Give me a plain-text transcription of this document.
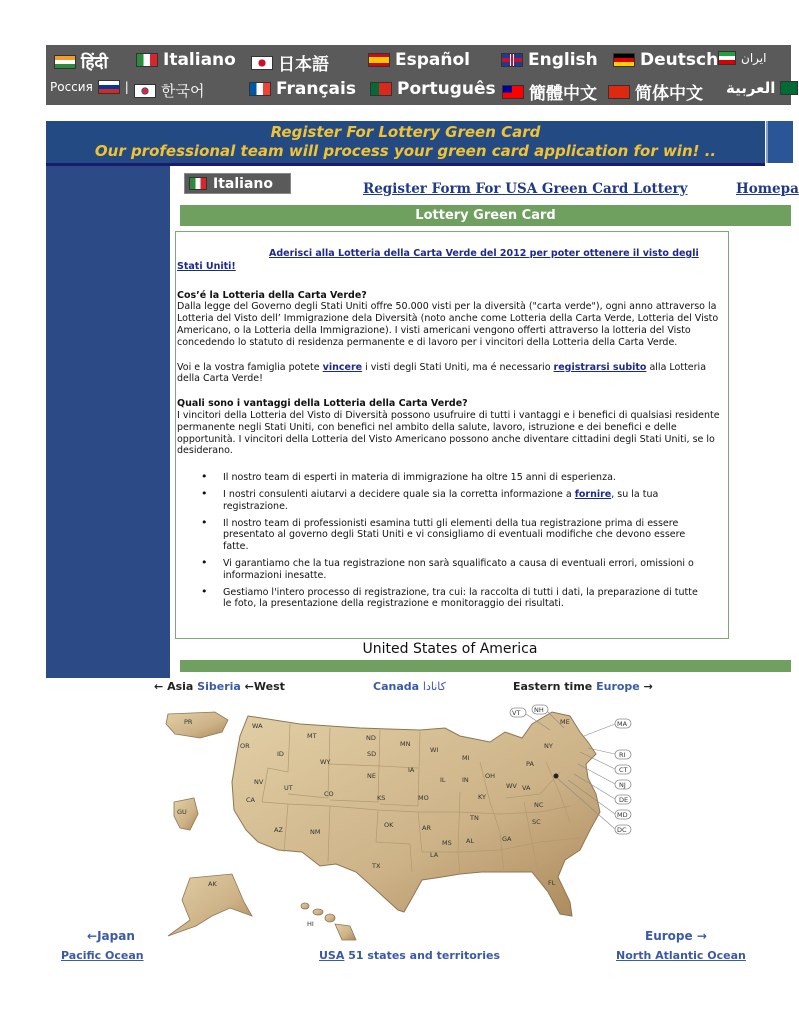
हिंदी	Italiano 日本語	Español	English Deutsch ایران
Россия	| 한국어	Français Português 簡體中文 简体中文 العربية
Register For Lottery Green Card
Our professional team will process your green card application for win! ..
Italiano	Register Form For USA Green Card Lottery	Homepa
Lottery Green Card

Aderisci alla Lotteria della Carta Verde del 2012 per poter ottenere il visto degli

Stati Uniti!

Cos’é la Lotteria della Carta Verde?

Dalla legge del Governo degli Stati Uniti offre 50.000 visti per la diversità ("carta verde"), ogni anno attraverso la Lotteria del Visto dell’ Immigrazione dela Diversità (noto anche come Lotteria della Carta Verde, Lotteria del Visto Americano, o la Lotteria della Immigrazione). I visti americani vengono offerti attraverso la lotteria del Visto concedendo lo statuto di residenza permanente e di lavoro per i vincitori della Lotteria della Carta Verde.

Voi e la vostra famiglia potete vincere i visti degli Stati Uniti, ma é necessario registrarsi subito alla Lotteria della Carta Verde!

Quali sono i vantaggi della Lotteria della Carta Verde?

I vincitori della Lotteria del Visto di Diversità possono usufruire di tutti i vantaggi e i benefici di qualsiasi residente permanente negli Stati Uniti, con benefici nel ambito della salute, lavoro, istruzione e dei benefici e delle opportunità. I vincitori della Lotteria del Visto Americano possono anche diventare cittadini degli Stati Uniti, se lo desiderano.

• Il nostro team di esperti in materia di immigrazione ha oltre 15 anni di esperienza.
• I nostri consulenti aiutarvi a decidere quale sia la corretta informazione a fornire, su la tua registrazione.
• Il nostro team di professionisti esamina tutti gli elementi della tua registrazione prima di essere presentato al governo degli Stati Uniti e vi consigliamo di eventuali modifiche che devono essere fatte.
• Vi garantiamo che la tua registrazione non sarà squalificato a causa di eventuali errori, omissioni o informazioni inesatte.
• Gestiamo l'intero processo di registrazione, tra cui: la raccolta di tutti i dati, la preparazione di tutte le foto, la presentazione della registrazione e monitoraggio dei risultati.
United States of America
← Asia Siberia ←West	Canada کانادا	Eastern time Europe →
PR	WA
MT	ND
MN
OR
ID	SD	WI
MI
NY
WY
NE
IA
IL	IN OH
PA
NV
UT
CO	KS	MO	KY
WV VA
CA
AZ	NM
OK	AR
TN
NC
SC
GU
TX
LA
MS AL	GA
FL
AK
HI
VT NH
ME	MA
RI
CT
NJ
DE
MD
DC
←Japan	Europe →
Pacific Ocean	USA 51 states and territories	North Atlantic Ocean
